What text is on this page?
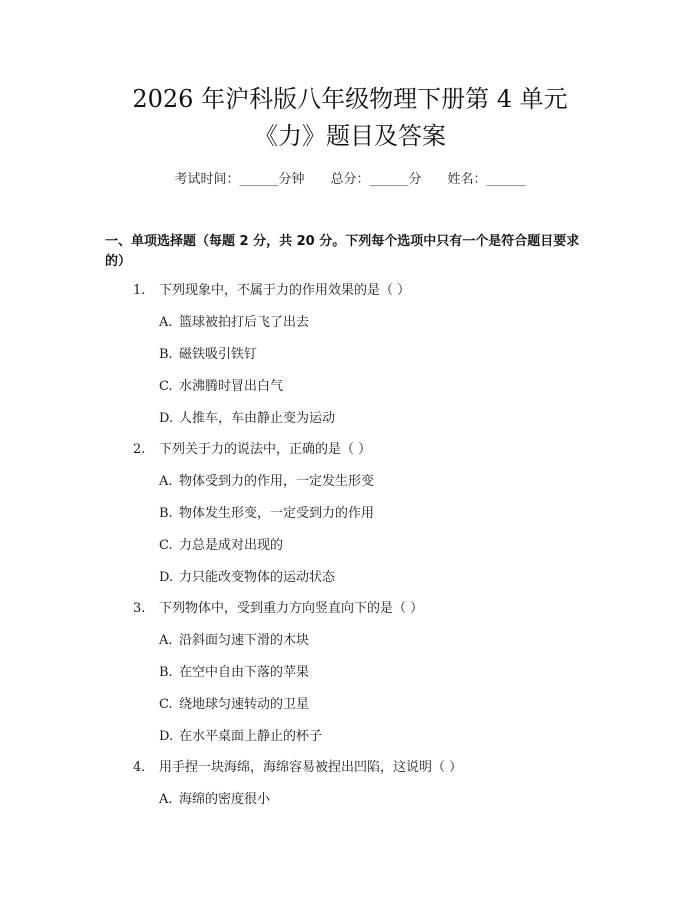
2026 年沪科版八年级物理下册第 4 单元
《力》题目及答案
考试时间：______分钟 总分：______分 姓名：______
一、单项选择题（每题 2 分，共 20 分。下列每个选项中只有一个是符合题目要求的）
1. 下列现象中，不属于力的作用效果的是（ ）
A. 篮球被拍打后飞了出去
B. 磁铁吸引铁钉
C. 水沸腾时冒出白气
D. 人推车，车由静止变为运动
2. 下列关于力的说法中，正确的是（ ）
A. 物体受到力的作用，一定发生形变
B. 物体发生形变，一定受到力的作用
C. 力总是成对出现的
D. 力只能改变物体的运动状态
3. 下列物体中，受到重力方向竖直向下的是（ ）
A. 沿斜面匀速下滑的木块
B. 在空中自由下落的苹果
C. 绕地球匀速转动的卫星
D. 在水平桌面上静止的杯子
4. 用手捏一块海绵，海绵容易被捏出凹陷，这说明（ ）
A. 海绵的密度很小
